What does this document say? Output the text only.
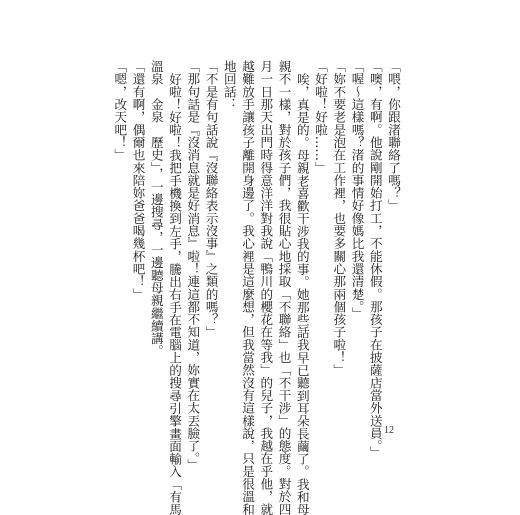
「喂，你跟渚聯絡了嗎？」
「噢，有啊。他說剛開始打工，不能休假。那孩子在披薩店當外送員。」
「喔～這樣嗎？渚的事情好像媽比我還清楚。」
「妳不要老是泡在工作裡，也要多關心那兩個孩子啦！」
「好啦！好啦……」
唉，真是的。母親老喜歡干涉我的事。她那些話我早已聽到耳朵長繭了。我和母
親不一樣，對於孩子們，我很貼心地採取「不聯絡」也「不干涉」的態度。對於四
月一日那天出門時得意洋洋對我說「鴨川的櫻花在等我」的兒子，我越在乎他，就
越難放手讓孩子離開身邊了。我心裡是這麼想，但我當然沒有這樣說，只是很溫和
地回話：
「不是有句話說『沒聯絡表示沒事』之類的嗎？」
「那句話是『沒消息就是好消息』啦！連這都不知道，妳實在太丟臉了。」
好啦！好啦！我把手機換到左手，騰出右手在電腦上的搜尋引擎畫面輸入「有馬
溫泉　金泉　歷史」，一邊搜尋，一邊聽母親繼續講。
「還有啊，偶爾也來陪妳爸爸喝幾杯吧！」
「嗯，改天吧！」
12
